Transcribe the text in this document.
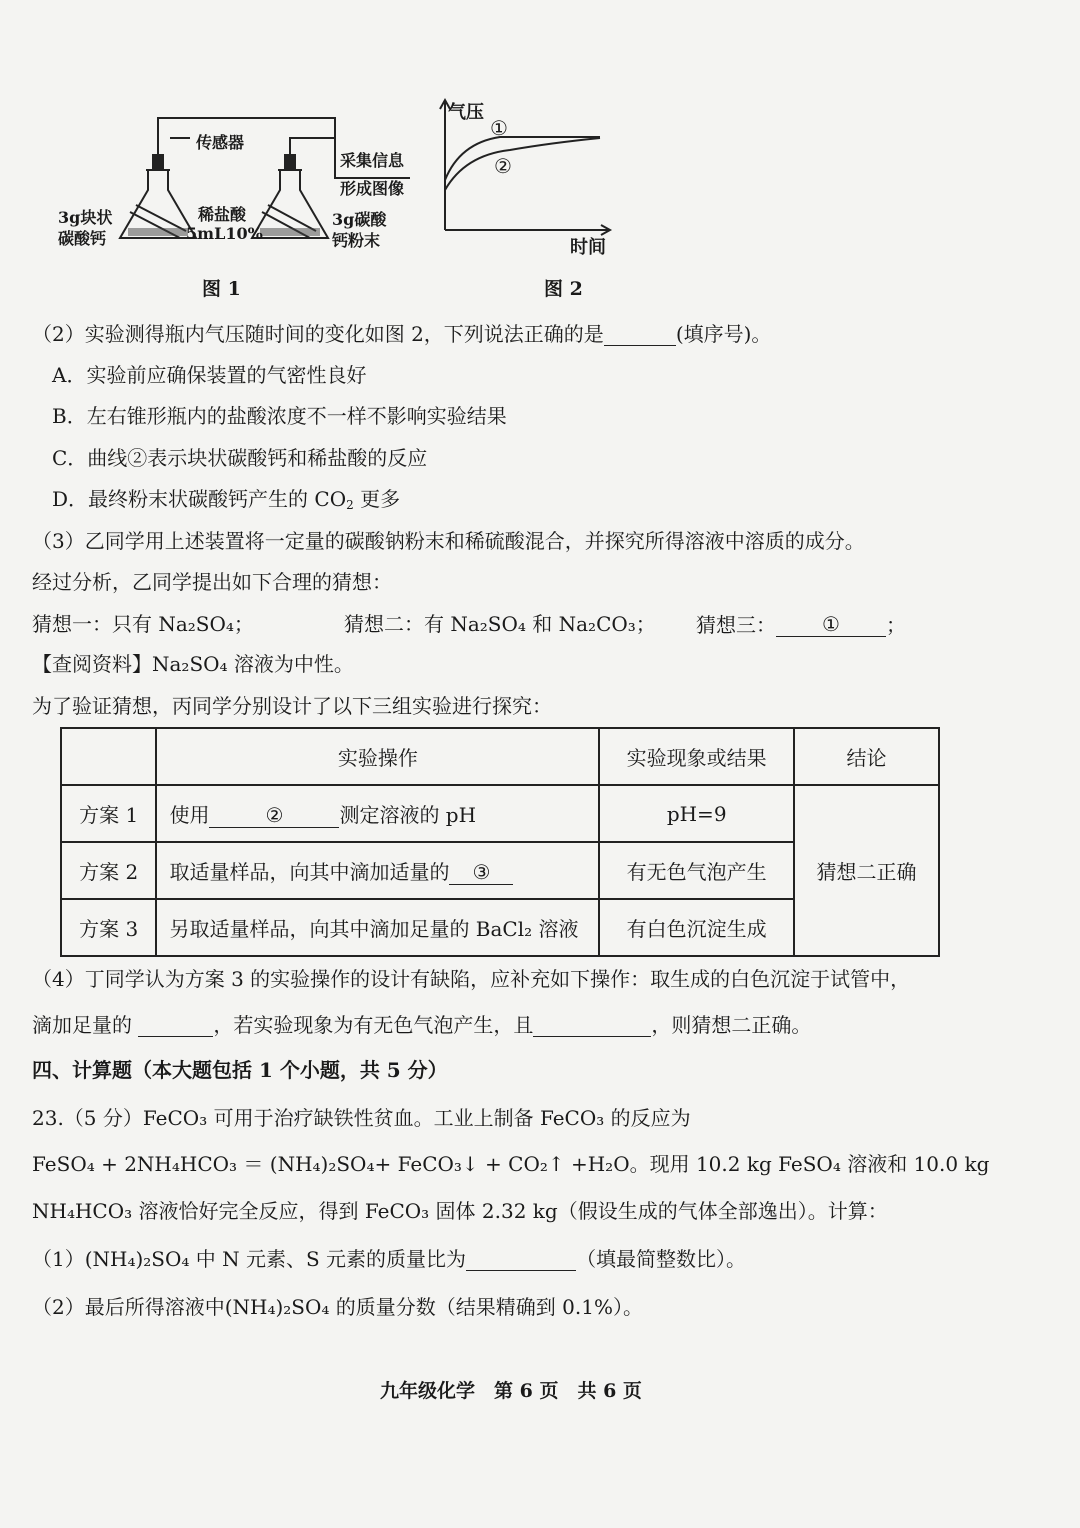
传感器
3g块状
碳酸钙
稀盐酸
5mL10%
3g碳酸
钙粉末
采集信息
形成图像
图 1
气压
时间
①
②
图 2
（2）实验测得瓶内气压随时间的变化如图 2，下列说法正确的是	(填序号)。
A．实验前应确保装置的气密性良好
B．左右锥形瓶内的盐酸浓度不一样不影响实验结果
C．曲线②表示块状碳酸钙和稀盐酸的反应
D．最终粉末状碳酸钙产生的 $CO_2$ 更多
（3）乙同学用上述装置将一定量的碳酸钠粉末和稀硫酸混合，并探究所得溶液中溶质的成分。
经过分析，乙同学提出如下合理的猜想：
猜想一：只有 Na₂SO₄；	猜想二：有 Na₂SO₄ 和 Na₂CO₃； 猜想三： ① ；
【查阅资料】Na₂SO₄ 溶液为中性。
为了验证猜想，丙同学分别设计了以下三组实验进行探究：
	实验操作	实验现象或结果	结论
方案 1	使用 ② 测定溶液的 pH	pH=9	猜想二正确
方案 2	取适量样品，向其中滴加适量的 ③	有无色气泡产生	
方案 3	另取适量样品，向其中滴加足量的 BaCl₂ 溶液	有白色沉淀生成	
（4）丁同学认为方案 3 的实验操作的设计有缺陷，应补充如下操作：取生成的白色沉淀于试管中，
滴加足量的	，若实验现象为有无色气泡产生，且	，则猜想二正确。
四、计算题（本大题包括 1 个小题，共 5 分）
23.（5 分）FeCO₃ 可用于治疗缺铁性贫血。工业上制备 FeCO₃ 的反应为
FeSO₄ + 2NH₄HCO₃ ＝ (NH₄)₂SO₄+ FeCO₃↓ + CO₂↑ +H₂O。现用 10.2 kg FeSO₄ 溶液和 10.0 kg
NH₄HCO₃ 溶液恰好完全反应，得到 FeCO₃ 固体 2.32 kg（假设生成的气体全部逸出）。计算：
（1）(NH₄)₂SO₄ 中 N 元素、S 元素的质量比为	（填最简整数比）。
（2）最后所得溶液中(NH₄)₂SO₄ 的质量分数（结果精确到 0.1%）。
九年级化学　第 6 页　共 6 页
